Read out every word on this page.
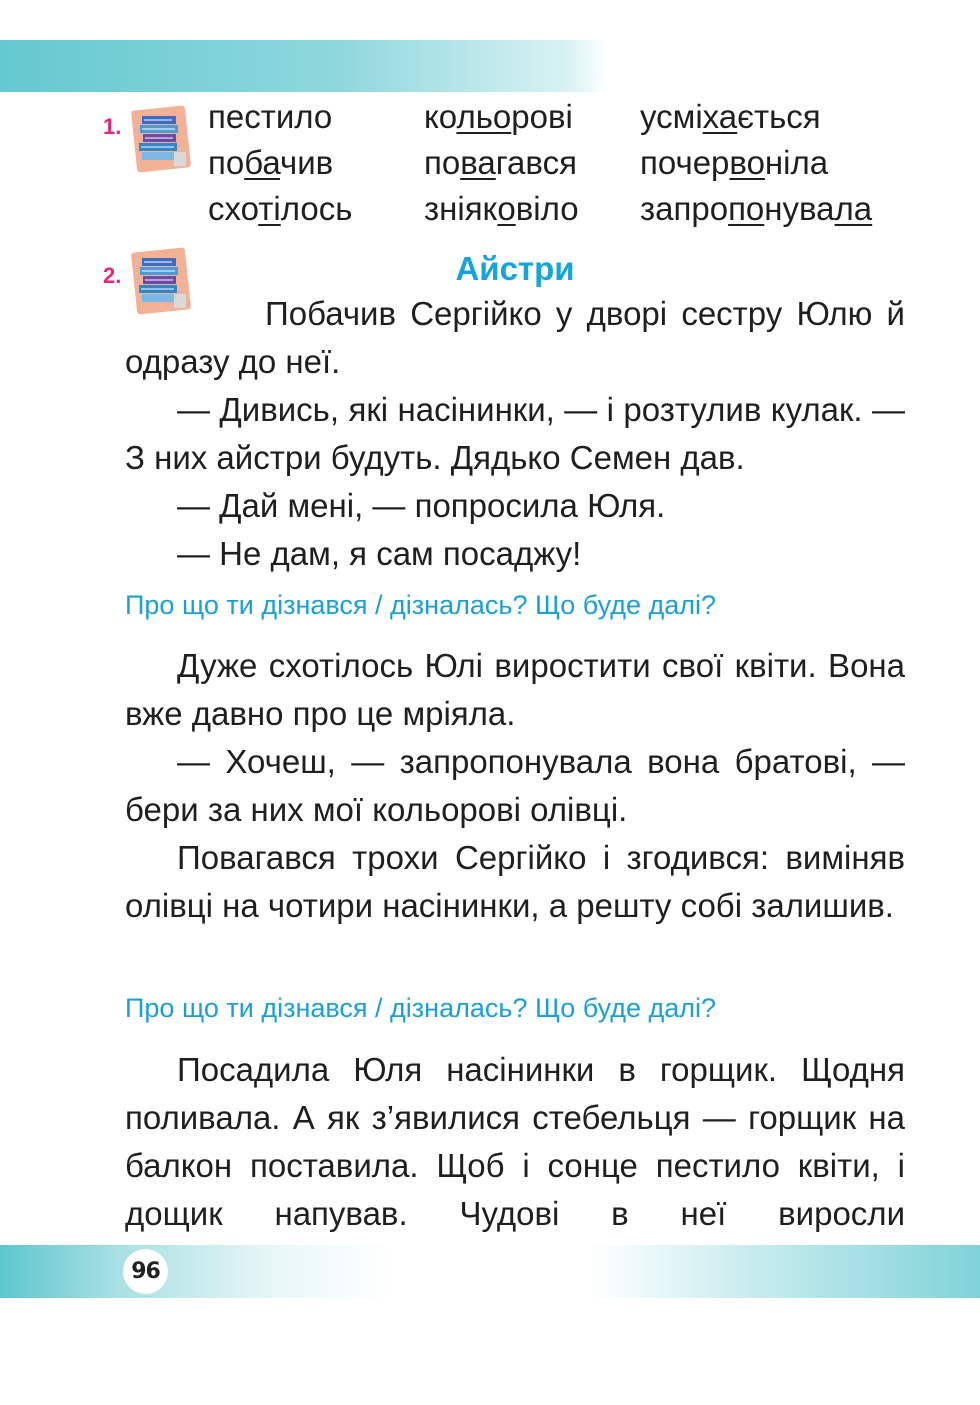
1.	пестило	кольорові	усміхається
побачив	повагався	почервоніла
схотілось	зніяковіло	запропонувала
2.	Айстри

Побачив Сергійко у дворі сестру Юлю й одразу до неї.

— Дивись, які насінинки, — і розтулив кулак. — З них айстри будуть. Дядько Семен дав.

— Дай мені, — попросила Юля.

— Не дам, я сам посаджу!

Про що ти дізнався / дізналась? Що буде далі?

Дуже схотілось Юлі виростити свої квіти. Вона вже давно про це мріяла.

— Хочеш, — запропонувала вона братові, — бери за них мої кольорові олівці.

Повагався трохи Сергійко і згодився: виміняв олівці на чотири насінинки, а решту собі залишив.

Про що ти дізнався / дізналась? Що буде далі?

Посадила Юля насінинки в горщик. Щодня поливала. А як з’явилися стебельця — горщик на балкон поставила. Щоб і сонце пестило квіти, і дощик напував. Чудові в неї виросли

96
